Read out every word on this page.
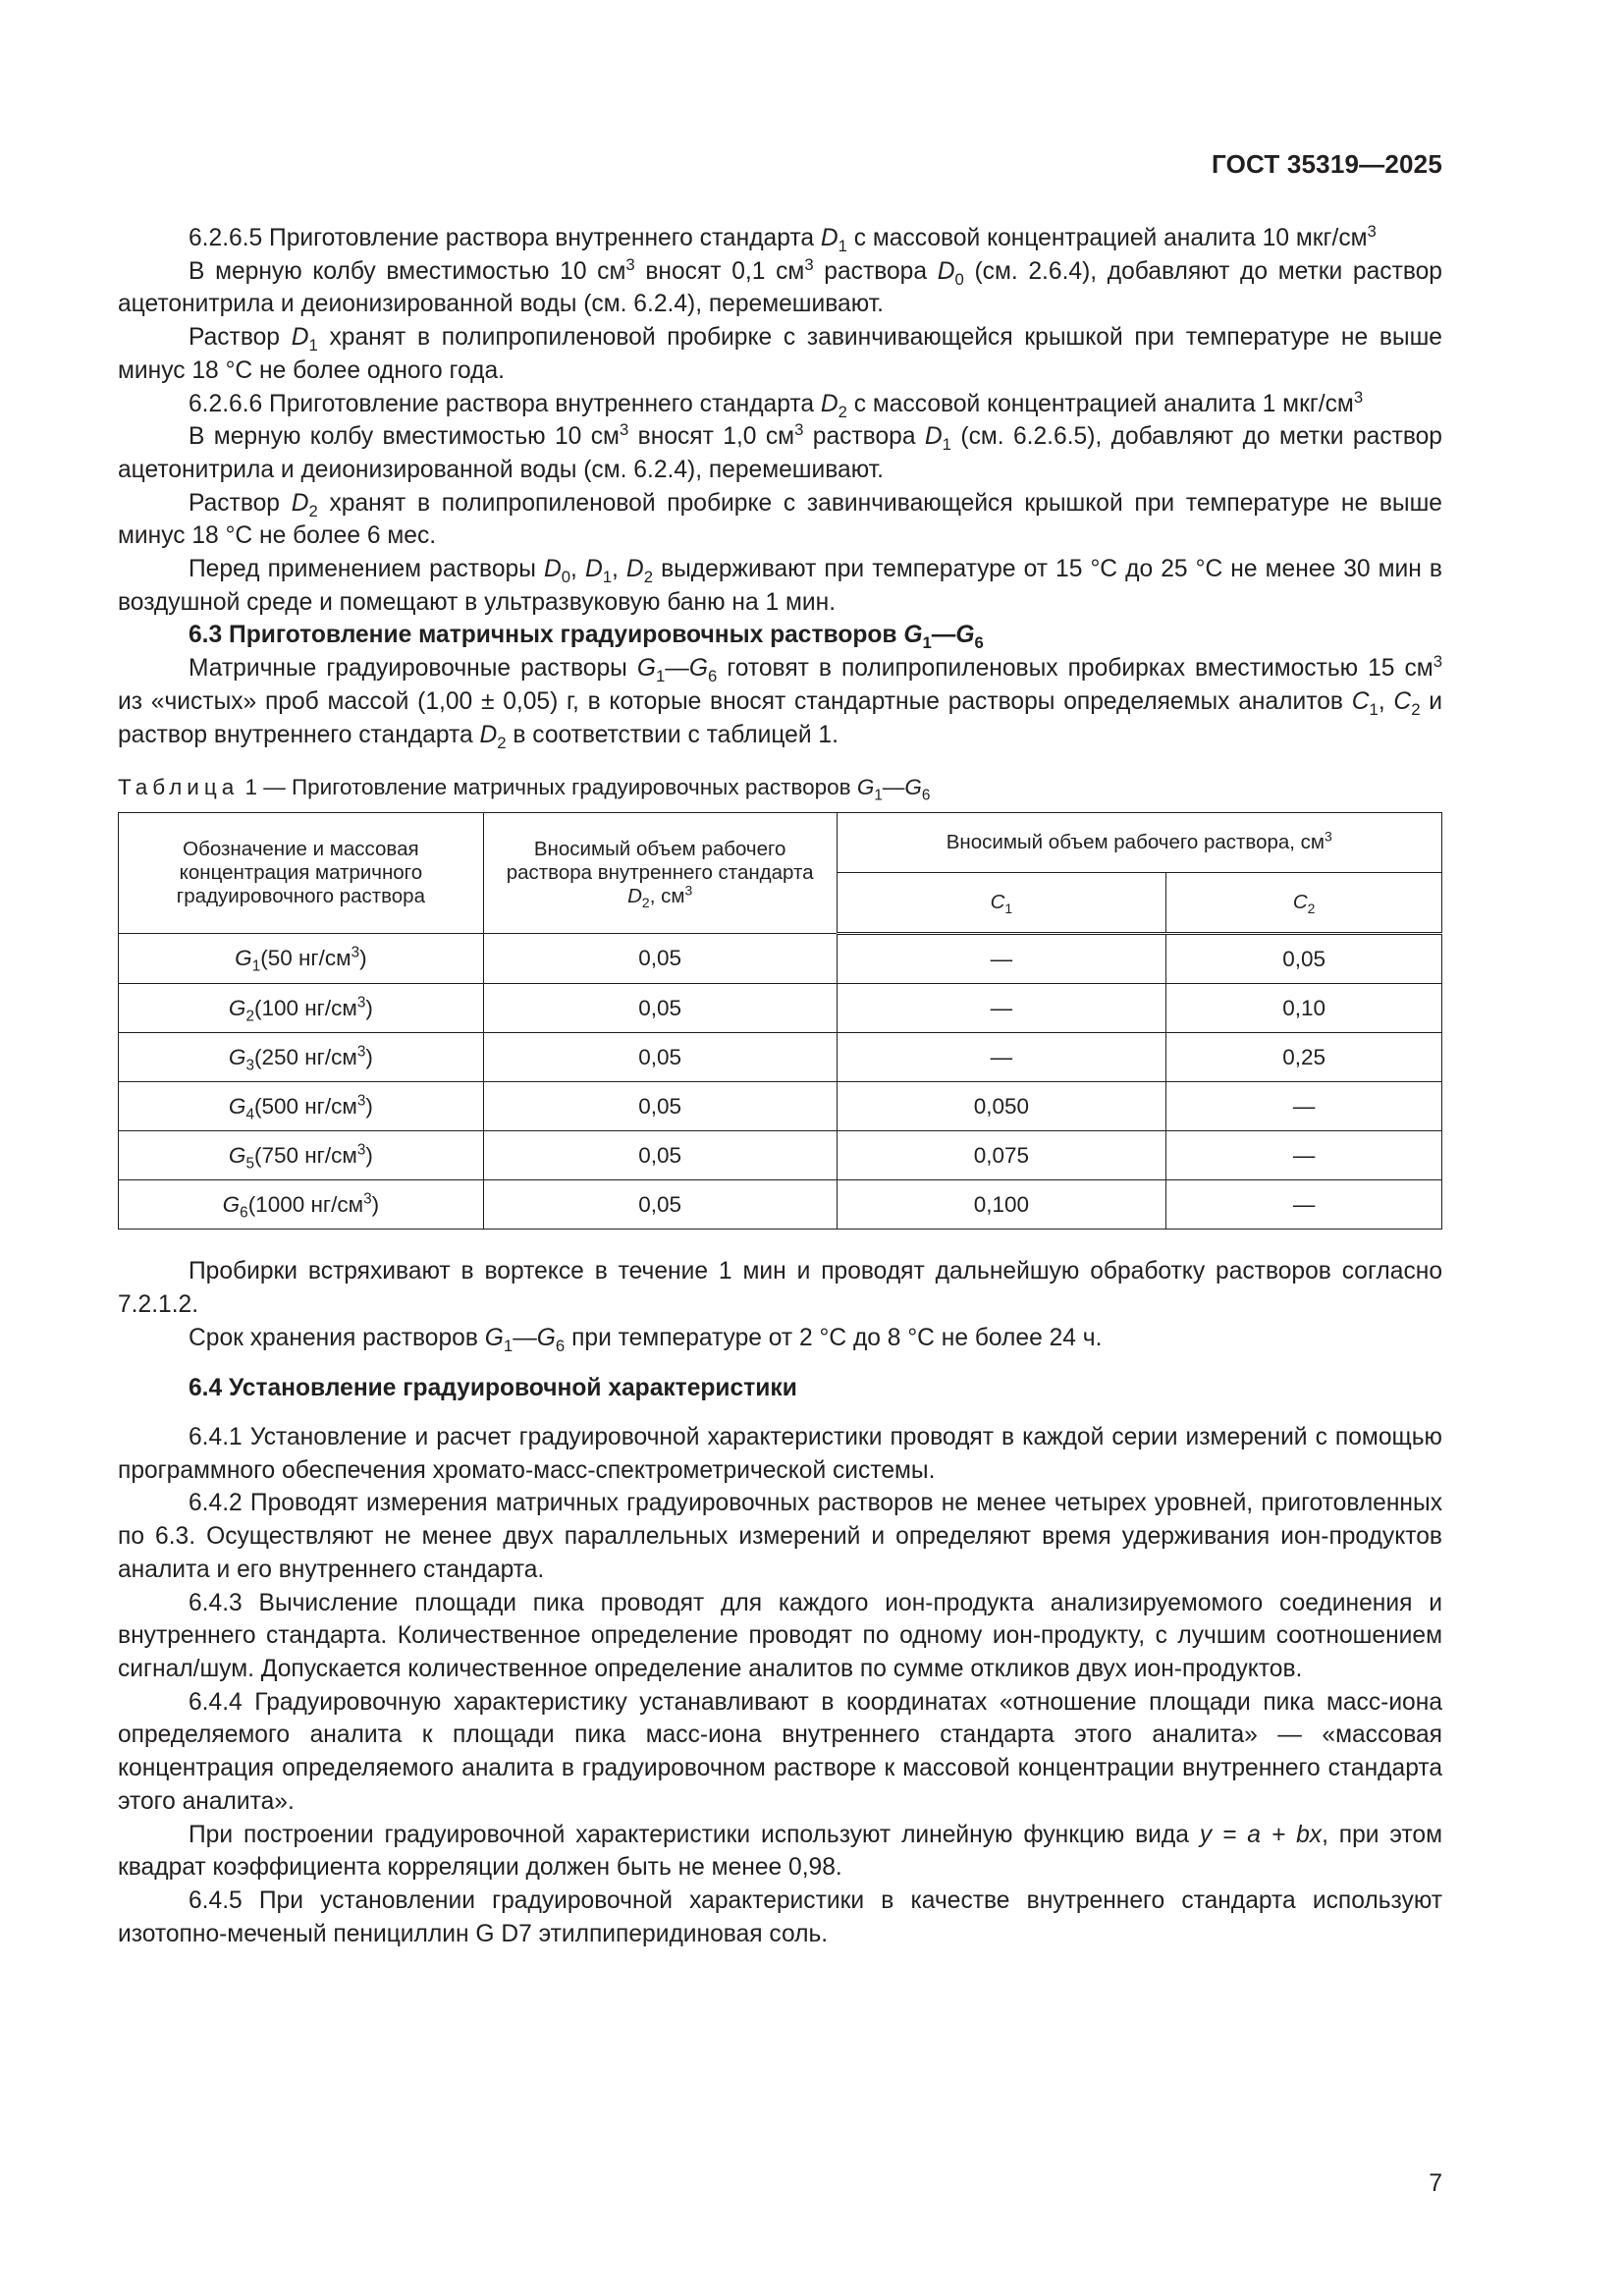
ГОСТ 35319—2025

6.2.6.5 Приготовление раствора внутреннего стандарта $D_1$ с массовой концентрацией аналита 10 мкг/$см^3$

В мерную колбу вместимостью 10 $см^3$ вносят 0,1 $см^3$ раствора $D_0$ (см. 2.6.4), добавляют до метки раствор ацетонитрила и деионизированной воды (см. 6.2.4), перемешивают.

Раствор $D_1$ хранят в полипропиленовой пробирке с завинчивающейся крышкой при температуре не выше минус 18 °С не более одного года.

6.2.6.6 Приготовление раствора внутреннего стандарта $D_2$ с массовой концентрацией аналита 1 мкг/$см^3$

В мерную колбу вместимостью 10 $см^3$ вносят 1,0 $см^3$ раствора $D_1$ (см. 6.2.6.5), добавляют до метки раствор ацетонитрила и деионизированной воды (см. 6.2.4), перемешивают.

Раствор $D_2$ хранят в полипропиленовой пробирке с завинчивающейся крышкой при температуре не выше минус 18 °С не более 6 мес.

Перед применением растворы $D_0$, $D_1$, $D_2$ выдерживают при температуре от 15 °С до 25 °С не менее 30 мин в воздушной среде и помещают в ультразвуковую баню на 1 мин.

6.3 Приготовление матричных градуировочных растворов $G_1—G_6$

Матричные градуировочные растворы $G_1—G_6$ готовят в полипропиленовых пробирках вместимостью 15 $см^3$ из «чистых» проб массой (1,00 ± 0,05) г, в которые вносят стандартные растворы определяемых аналитов $C_1$, $C_2$ и раствор внутреннего стандарта $D_2$ в соответствии с таблицей 1.

Таблица 1 — Приготовление матричных градуировочных растворов $G_1—G_6$
Обозначение и массовая концентрация матричного градуировочного раствора	Вносимый объем рабочего раствора внутреннего стандарта $D_2$, $см^3$	Вносимый объем рабочего раствора, $см^3$
		$C_1$	$C_2$
$G_1(50$ $нг/см^3$)	0,05	—	0,05
$G_2(100$ $нг/см^3$)	0,05	—	0,10
$G_3(250$ $нг/см^3$)	0,05	—	0,25
$G_4(500$ $нг/см^3$)	0,05	0,050	—
$G_5(750$ $нг/см^3$)	0,05	0,075	—
$G_6(1000$ $нг/см^3$)	0,05	0,100	—

Пробирки встряхивают в вортексе в течение 1 мин и проводят дальнейшую обработку растворов согласно 7.2.1.2.

Срок хранения растворов $G_1—G_6$ при температуре от 2 °С до 8 °С не более 24 ч.

6.4 Установление градуировочной характеристики

6.4.1 Установление и расчет градуировочной характеристики проводят в каждой серии измерений с помощью программного обеспечения хромато-масс-спектрометрической системы.

6.4.2 Проводят измерения матричных градуировочных растворов не менее четырех уровней, приготовленных по 6.3. Осуществляют не менее двух параллельных измерений и определяют время удерживания ион-продуктов аналита и его внутреннего стандарта.

6.4.3 Вычисление площади пика проводят для каждого ион-продукта анализируемомого соединения и внутреннего стандарта. Количественное определение проводят по одному ион-продукту, с лучшим соотношением сигнал/шум. Допускается количественное определение аналитов по сумме откликов двух ион-продуктов.

6.4.4 Градуировочную характеристику устанавливают в координатах «отношение площади пика масс-иона определяемого аналита к площади пика масс-иона внутреннего стандарта этого аналита» — «массовая концентрация определяемого аналита в градуировочном растворе к массовой концентрации внутреннего стандарта этого аналита».

При построении градуировочной характеристики используют линейную функцию вида y = a + bx, при этом квадрат коэффициента корреляции должен быть не менее 0,98.

6.4.5 При установлении градуировочной характеристики в качестве внутреннего стандарта используют изотопно-меченый пенициллин G D7 этилпиперидиновая соль.

7
